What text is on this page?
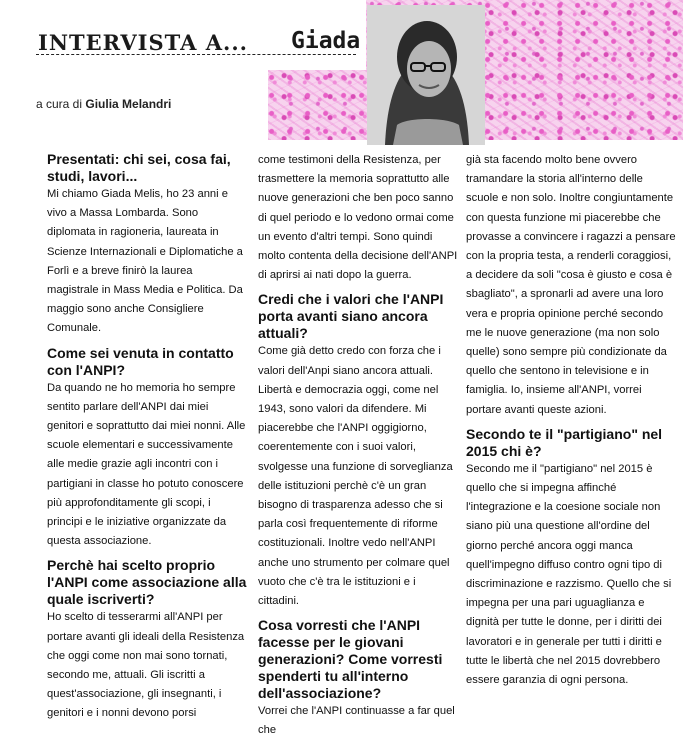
INTERVISTA A... Giada
a cura di Giulia Melandri
Presentati: chi sei, cosa fai, studi, lavori...

Mi chiamo Giada Melis, ho 23 anni e vivo a Massa Lombarda. Sono diplomata in ragioneria, laureata in Scienze Internazionali e Diplomatiche a Forlì e a breve finirò la laurea magistrale in Mass Media e Politica. Da maggio sono anche Consigliere Comunale.

Come sei venuta in contatto con l'ANPI?

Da quando ne ho memoria ho sempre sentito parlare dell'ANPI dai miei genitori e soprattutto dai miei nonni. Alle scuole elementari e successivamente alle medie grazie agli incontri con i partigiani in classe ho potuto conoscere più approfonditamente gli scopi, i principi e le iniziative organizzate da questa associazione.

Perchè hai scelto proprio l'ANPI come associazione alla quale iscriverti?

Ho scelto di tesserarmi all'ANPI per portare avanti gli ideali della Resistenza che oggi come non mai sono tornati, secondo me, attuali. Gli iscritti a quest'associazione, gli insegnanti, i genitori e i nonni devono porsi

come testimoni della Resistenza, per trasmettere la memoria soprattutto alle nuove generazioni che ben poco sanno di quel periodo e lo vedono ormai come un evento d'altri tempi. Sono quindi molto contenta della decisione dell'ANPI di aprirsi ai nati dopo la guerra.

Credi che i valori che l'ANPI porta avanti siano ancora attuali?

Come già detto credo con forza che i valori dell'Anpi siano ancora attuali. Libertà e democrazia oggi, come nel 1943, sono valori da difendere. Mi piacerebbe che l'ANPI oggigiorno, coerentemente con i suoi valori, svolgesse una funzione di sorveglianza delle istituzioni perchè c'è un gran bisogno di trasparenza adesso che si parla così frequentemente di riforme costituzionali. Inoltre vedo nell'ANPI anche uno strumento per colmare quel vuoto che c'è tra le istituzioni e i cittadini.

Cosa vorresti che l'ANPI facesse per le giovani generazioni? Come vorresti spenderti tu all'interno dell'associazione?

Vorrei che l'ANPI continuasse a far quel che

già sta facendo molto bene ovvero tramandare la storia all'interno delle scuole e non solo. Inoltre congiuntamente con questa funzione mi piacerebbe che provasse a convincere i ragazzi a pensare con la propria testa, a renderli coraggiosi, a decidere da soli "cosa è giusto e cosa è sbagliato", a spronarli ad avere una loro vera e propria opinione perché secondo me le nuove generazione (ma non solo quelle) sono sempre più condizionate da quello che sentono in televisione e in famiglia. Io, insieme all'ANPI, vorrei portare avanti queste azioni.

Secondo te il "partigiano" nel 2015 chi è?

Secondo me il "partigiano" nel 2015 è quello che si impegna affinché l'integrazione e la coesione sociale non siano più una questione all'ordine del giorno perché ancora oggi manca quell'impegno diffuso contro ogni tipo di discriminazione e razzismo. Quello che si impegna per una pari uguaglianza e dignità per tutte le donne, per i diritti dei lavoratori e in generale per tutti i diritti e tutte le libertà che nel 2015 dovrebbero essere garanzia di ogni persona.
